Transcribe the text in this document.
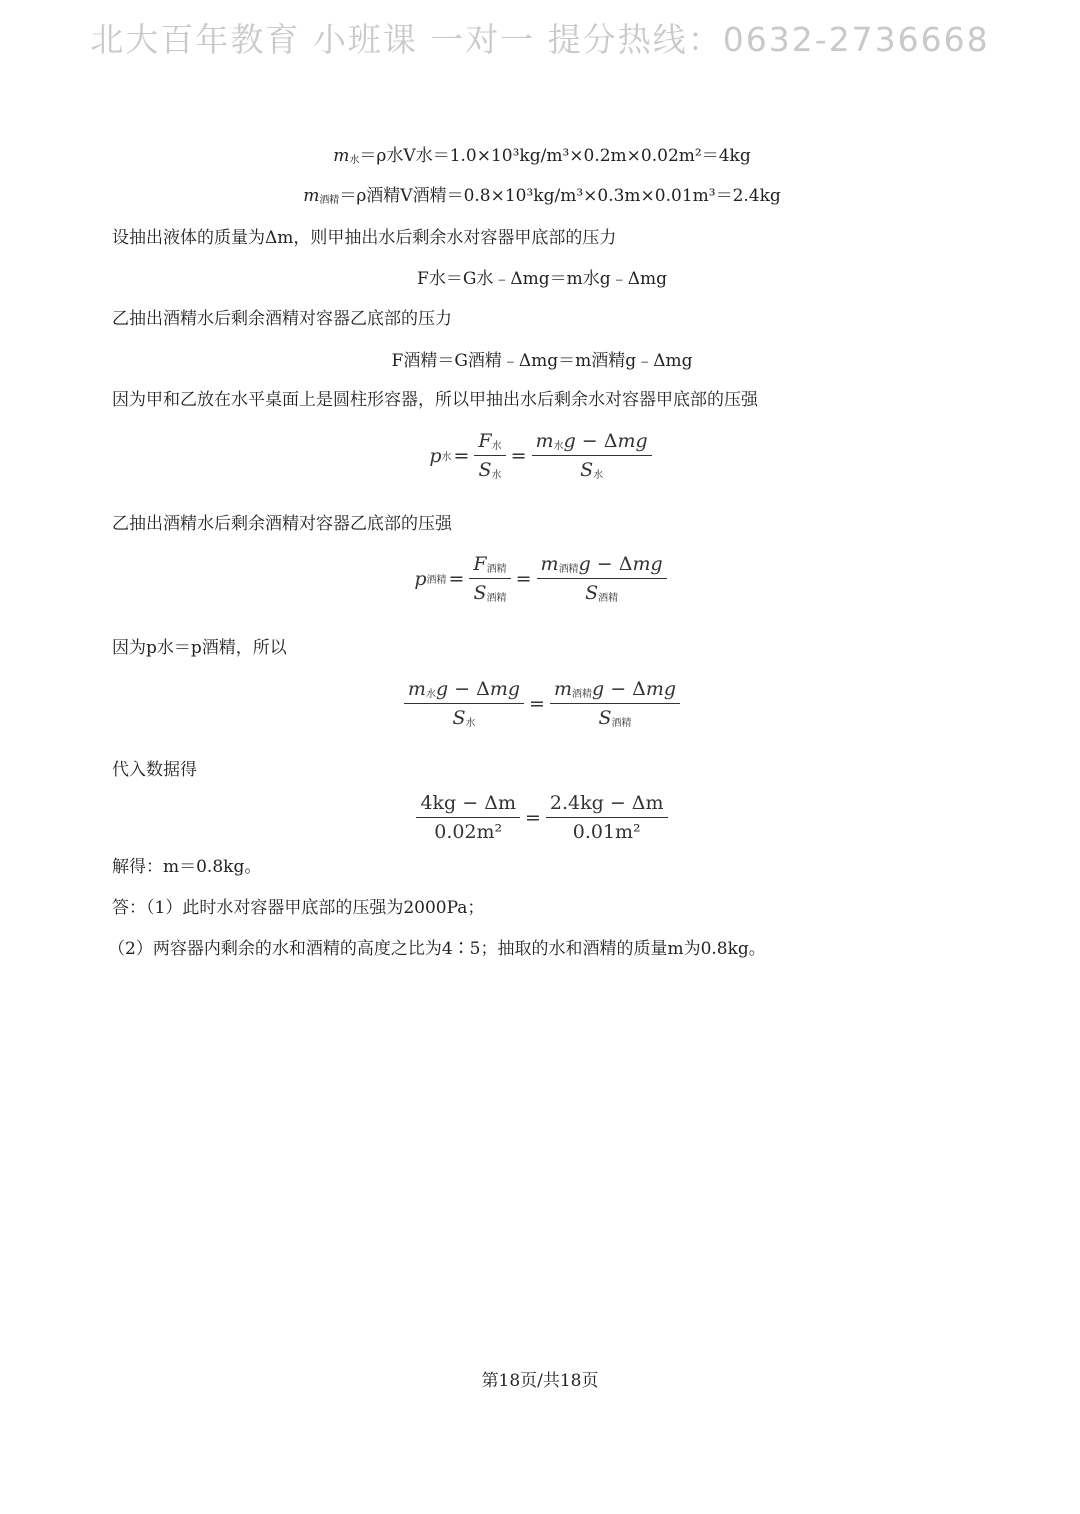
北大百年教育 小班课 一对一 提分热线：0632-2736668
$m_水=\rho$水V水＝1.0×10³kg/m³×0.2m×0.02m²＝4kg
$m_{酒精}=\rho$酒精V酒精＝0.8×10³kg/m³×0.3m×0.01m³＝2.4kg
设抽出液体的质量为Δm，则甲抽出水后剩余水对容器甲底部的压力
F水＝G水﹣Δmg＝m水g﹣Δmg
乙抽出酒精水后剩余酒精对容器乙底部的压力
F酒精＝G酒精﹣Δmg＝m酒精g﹣Δmg
因为甲和乙放在水平桌面上是圆柱形容器，所以甲抽出水后剩余水对容器甲底部的压强
p 水 = $\frac{F_水}{S_水} = \frac{m_水g - \Delta mg}{S_水}$
乙抽出酒精水后剩余酒精对容器乙底部的压强
p 酒精 = $\frac{F_{酒精}}{S_{酒精}} = \frac{m_{酒精}g - \Delta mg}{S_{酒精}}$
因为p水＝p酒精，所以
$\frac{m_水g - \Delta mg}{S_水} = \frac{m_{酒精}g - \Delta mg}{S_{酒精}}$
代入数据得
$\frac{4kg - \Delta m}{\text{0.02m²}} = \frac{2.4kg - \Delta m}{\text{0.01m²}}$
解得：m＝0.8kg。
答：（1）此时水对容器甲底部的压强为2000Pa；
（2）两容器内剩余的水和酒精的高度之比为4∶5；抽取的水和酒精的质量m为0.8kg。
第18页/共18页
